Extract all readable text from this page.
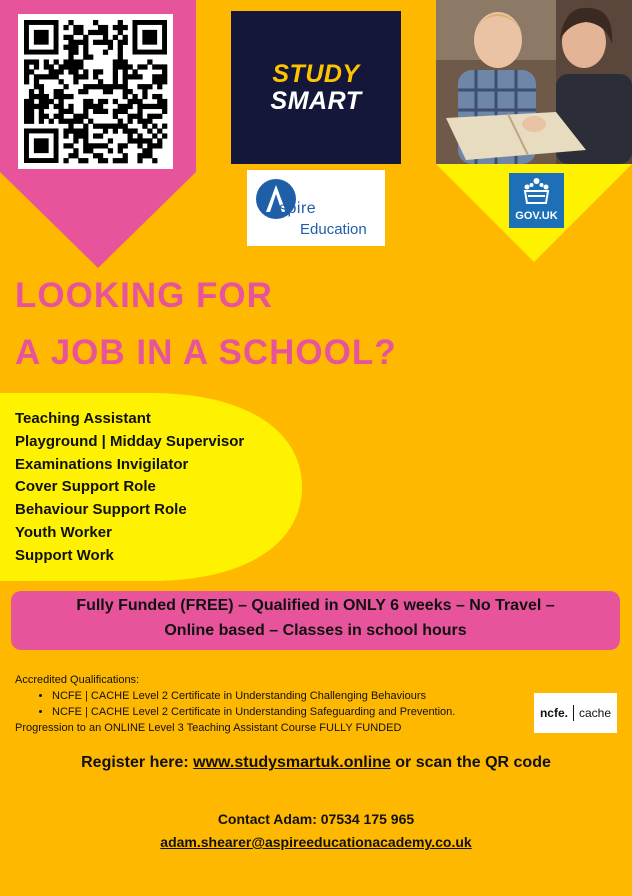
STUDY
SMART
spire
Education
GOV.UK
LOOKING FOR
A JOB IN A SCHOOL?
Teaching Assistant
Playground | Midday Supervisor
Examinations Invigilator
Cover Support Role
Behaviour Support Role
Youth Worker
Support Work
Fully Funded (FREE) – Qualified in ONLY 6 weeks – No Travel –
Online based – Classes in school hours
Accredited Qualifications:
• NCFE | CACHE Level 2 Certificate in Understanding Challenging Behaviours
• NCFE | CACHE Level 2 Certificate in Understanding Safeguarding and Prevention.
Progression to an ONLINE Level 3 Teaching Assistant Course FULLY FUNDED
ncfe. cache
Register here: www.studysmartuk.online or scan the QR code
Contact Adam: 07534 175 965
adam.shearer@aspireeducationacademy.co.uk
